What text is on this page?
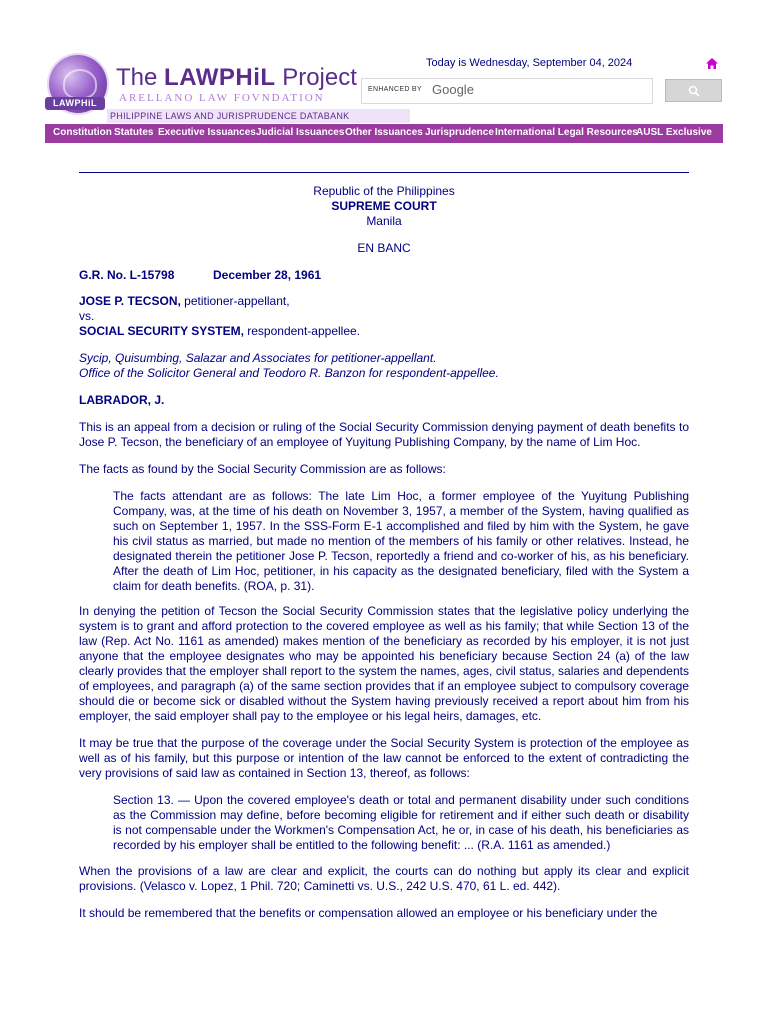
LAWPHiL
The LAWPHiL Project
ARELLANO LAW FOVNDATION
PHILIPPINE LAWS AND JURISPRUDENCE DATABANK
Today is Wednesday, September 04, 2024
ENHANCED BY Google
Constitution Statutes Executive Issuances Judicial Issuances Other Issuances Jurisprudence International Legal Resources
AUSL Exclusive
Republic of the Philippines
SUPREME COURT
Manila
EN BANC
G.R. No. L-15798	December 28, 1961
JOSE P. TECSON, petitioner-appellant,
vs.
SOCIAL SECURITY SYSTEM, respondent-appellee.
Sycip, Quisumbing, Salazar and Associates for petitioner-appellant.
Office of the Solicitor General and Teodoro R. Banzon for respondent-appellee.
LABRADOR, J.
This is an appeal from a decision or ruling of the Social Security Commission denying payment of death benefits to Jose P. Tecson, the beneficiary of an employee of Yuyitung Publishing Company, by the name of Lim Hoc.
The facts as found by the Social Security Commission are as follows:
The facts attendant are as follows: The late Lim Hoc, a former employee of the Yuyitung Publishing Company, was, at the time of his death on November 3, 1957, a member of the System, having qualified as such on September 1, 1957. In the SSS-Form E-1 accomplished and filed by him with the System, he gave his civil status as married, but made no mention of the members of his family or other relatives. Instead, he designated therein the petitioner Jose P. Tecson, reportedly a friend and co-worker of his, as his beneficiary. After the death of Lim Hoc, petitioner, in his capacity as the designated beneficiary, filed with the System a claim for death benefits. (ROA, p. 31).
In denying the petition of Tecson the Social Security Commission states that the legislative policy underlying the system is to grant and afford protection to the covered employee as well as his family; that while Section 13 of the law (Rep. Act No. 1161 as amended) makes mention of the beneficiary as recorded by his employer, it is not just anyone that the employee designates who may be appointed his beneficiary because Section 24 (a) of the law clearly provides that the employer shall report to the system the names, ages, civil status, salaries and dependents of employees, and paragraph (a) of the same section provides that if an employee subject to compulsory coverage should die or become sick or disabled without the System having previously received a report about him from his employer, the said employer shall pay to the employee or his legal heirs, damages, etc.
It may be true that the purpose of the coverage under the Social Security System is protection of the employee as well as of his family, but this purpose or intention of the law cannot be enforced to the extent of contradicting the very provisions of said law as contained in Section 13, thereof, as follows:
Section 13. — Upon the covered employee's death or total and permanent disability under such conditions as the Commission may define, before becoming eligible for retirement and if either such death or disability is not compensable under the Workmen's Compensation Act, he or, in case of his death, his beneficiaries as recorded by his employer shall be entitled to the following benefit: ... (R.A. 1161 as amended.)
When the provisions of a law are clear and explicit, the courts can do nothing but apply its clear and explicit provisions. (Velasco v. Lopez, 1 Phil. 720; Caminetti vs. U.S., 242 U.S. 470, 61 L. ed. 442).
It should be remembered that the benefits or compensation allowed an employee or his beneficiary under the
